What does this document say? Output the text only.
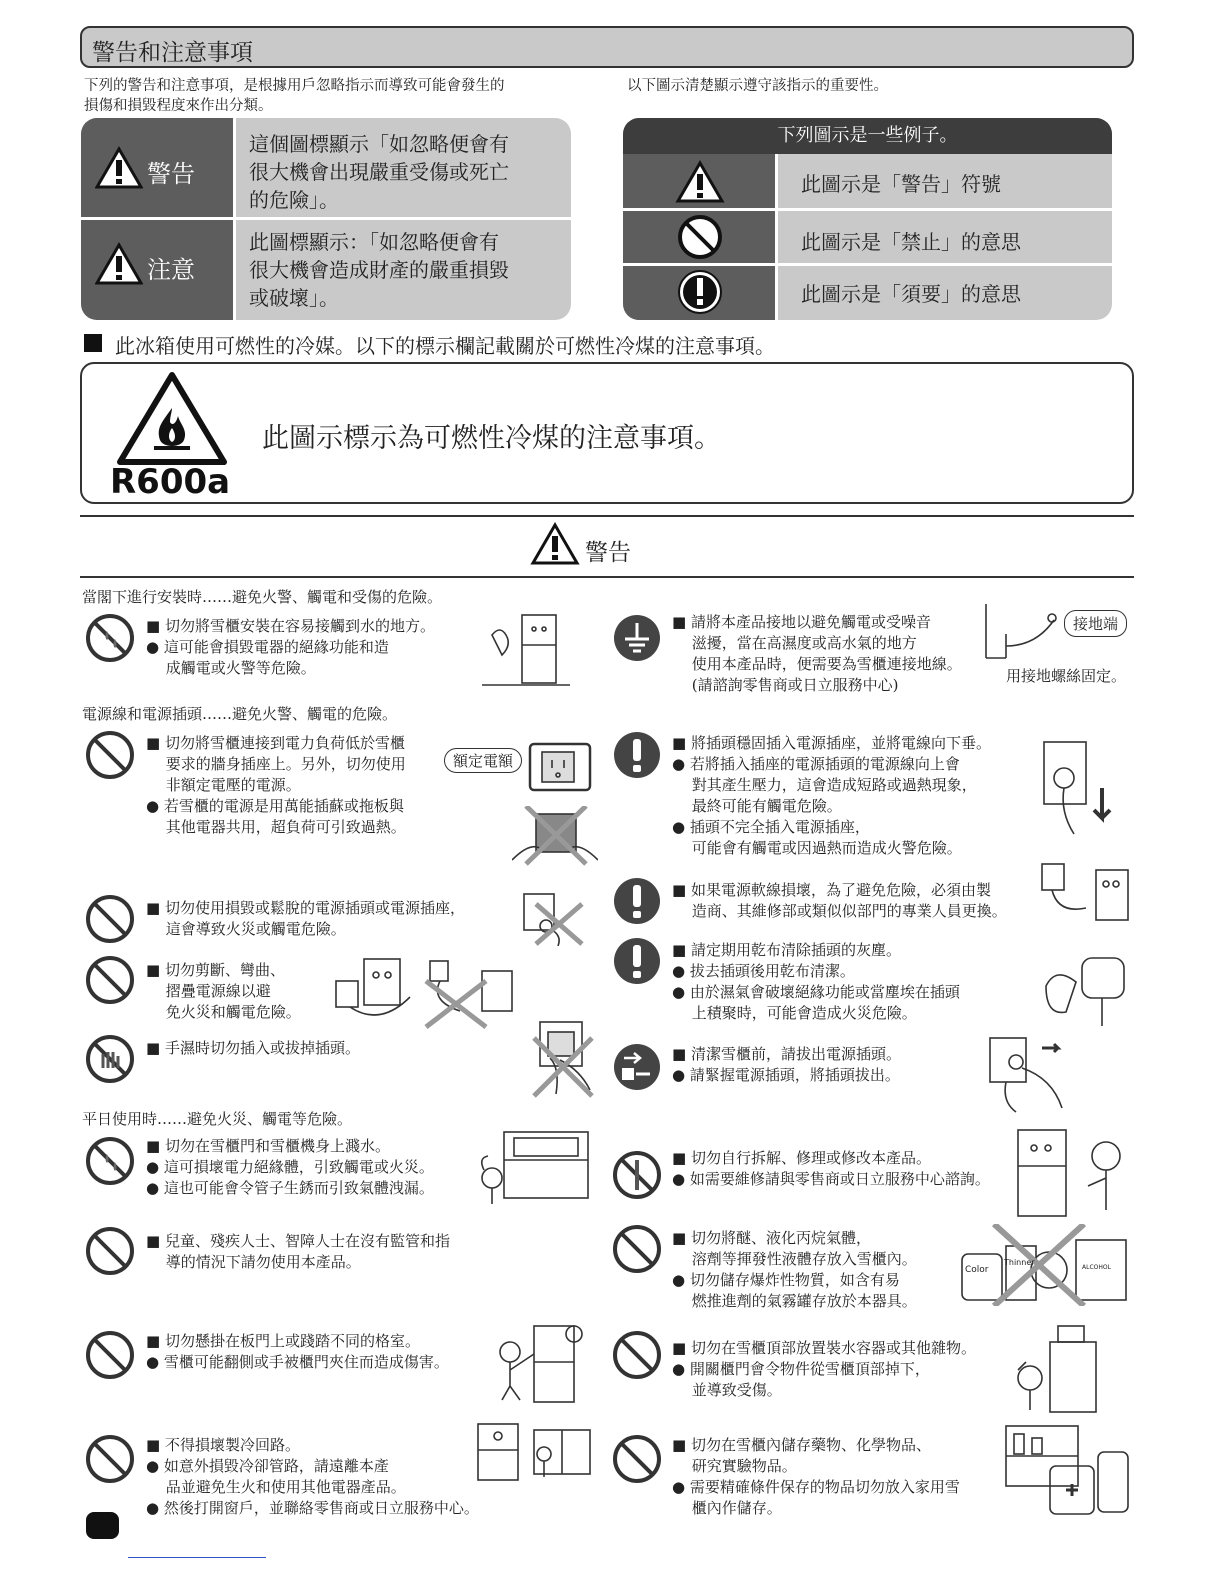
警告和注意事項
下列的警告和注意事項，是根據用戶忽略指示而導致可能會發生的
損傷和損毀程度來作出分類。
以下圖示清楚顯示遵守該指示的重要性。
警告
注意
這個圖標顯示「如忽略便會有
很大機會出現嚴重受傷或死亡
的危險」。
此圖標顯示：「如忽略便會有
很大機會造成財產的嚴重損毀
或破壞」。
下列圖示是一些例子。
此圖示是「警告」符號
此圖示是「禁止」的意思
此圖示是「須要」的意思
此冰箱使用可燃性的冷媒。以下的標示欄記載關於可燃性冷煤的注意事項。
R600a
此圖示標示為可燃性冷煤的注意事項。
警告
當閣下進行安裝時……避免火警、觸電和受傷的危險。
電源線和電源插頭……避免火警、觸電的危險。
平日使用時……避免火災、觸電等危險。
■ 切勿將雪櫃安裝在容易接觸到水的地方。
● 這可能會損毀電器的絕緣功能和造
　 成觸電或火警等危險。
■ 切勿將雪櫃連接到電力負荷低於雪櫃
　 要求的牆身插座上。另外，切勿使用
　 非額定電壓的電源。
● 若雪櫃的電源是用萬能插蘇或拖板與
　 其他電器共用，超負荷可引致過熱。
額定電額
■ 切勿使用損毀或鬆脫的電源插頭或電源插座，
　 這會導致火災或觸電危險。
■ 切勿剪斷、彎曲、
　 摺疊電源線以避
　 免火災和觸電危險。
■ 手濕時切勿插入或拔掉插頭。
■ 切勿在雪櫃門和雪櫃機身上濺水。
● 這可損壞電力絕緣體，引致觸電或火災。
● 這也可能會令管子生銹而引致氣體洩漏。
■ 兒童、殘疾人士、智障人士在沒有監管和指
　 導的情況下請勿使用本產品。
■ 切勿懸掛在板門上或踐踏不同的格室。
● 雪櫃可能翻側或手被櫃門夾住而造成傷害。
■ 不得損壞製冷回路。
● 如意外損毀冷卻管路，請遠離本產
　 品並避免生火和使用其他電器產品。
● 然後打開窗戶，並聯絡零售商或日立服務中心。
■ 請將本產品接地以避免觸電或受噪音
　 滋擾，當在高濕度或高水氣的地方
　 使用本產品時，便需要為雪櫃連接地線。
　 (請諮詢零售商或日立服務中心)
接地端
用接地螺絲固定。
■ 將插頭穩固插入電源插座，並將電線向下垂。
● 若將插入插座的電源插頭的電源線向上會
　 對其產生壓力，這會造成短路或過熱現象，
　 最終可能有觸電危險。
● 插頭不完全插入電源插座，
　 可能會有觸電或因過熱而造成火警危險。
■ 如果電源軟線損壞，為了避免危險，必須由製
　 造商、其維修部或類似似部門的專業人員更換。
■ 請定期用乾布清除插頭的灰塵。
● 拔去插頭後用乾布清潔。
● 由於濕氣會破壞絕緣功能或當塵埃在插頭
　 上積聚時，可能會造成火災危險。
■ 清潔雪櫃前，請拔出電源插頭。
● 請緊握電源插頭，將插頭拔出。
■ 切勿自行拆解、修理或修改本產品。
● 如需要維修請與零售商或日立服務中心諮詢。
■ 切勿將醚、液化丙烷氣體，
　 溶劑等揮發性液體存放入雪櫃內。
● 切勿儲存爆炸性物質，如含有易
　 燃推進劑的氣霧罐存放於本器具。
Color
Thinner
ALCOHOL
■ 切勿在雪櫃頂部放置裝水容器或其他雜物。
● 開關櫃門會令物件從雪櫃頂部掉下，
　 並導致受傷。
■ 切勿在雪櫃內儲存藥物、化學物品、
　 研究實驗物品。
● 需要精確條件保存的物品切勿放入家用雪
　 櫃內作儲存。
